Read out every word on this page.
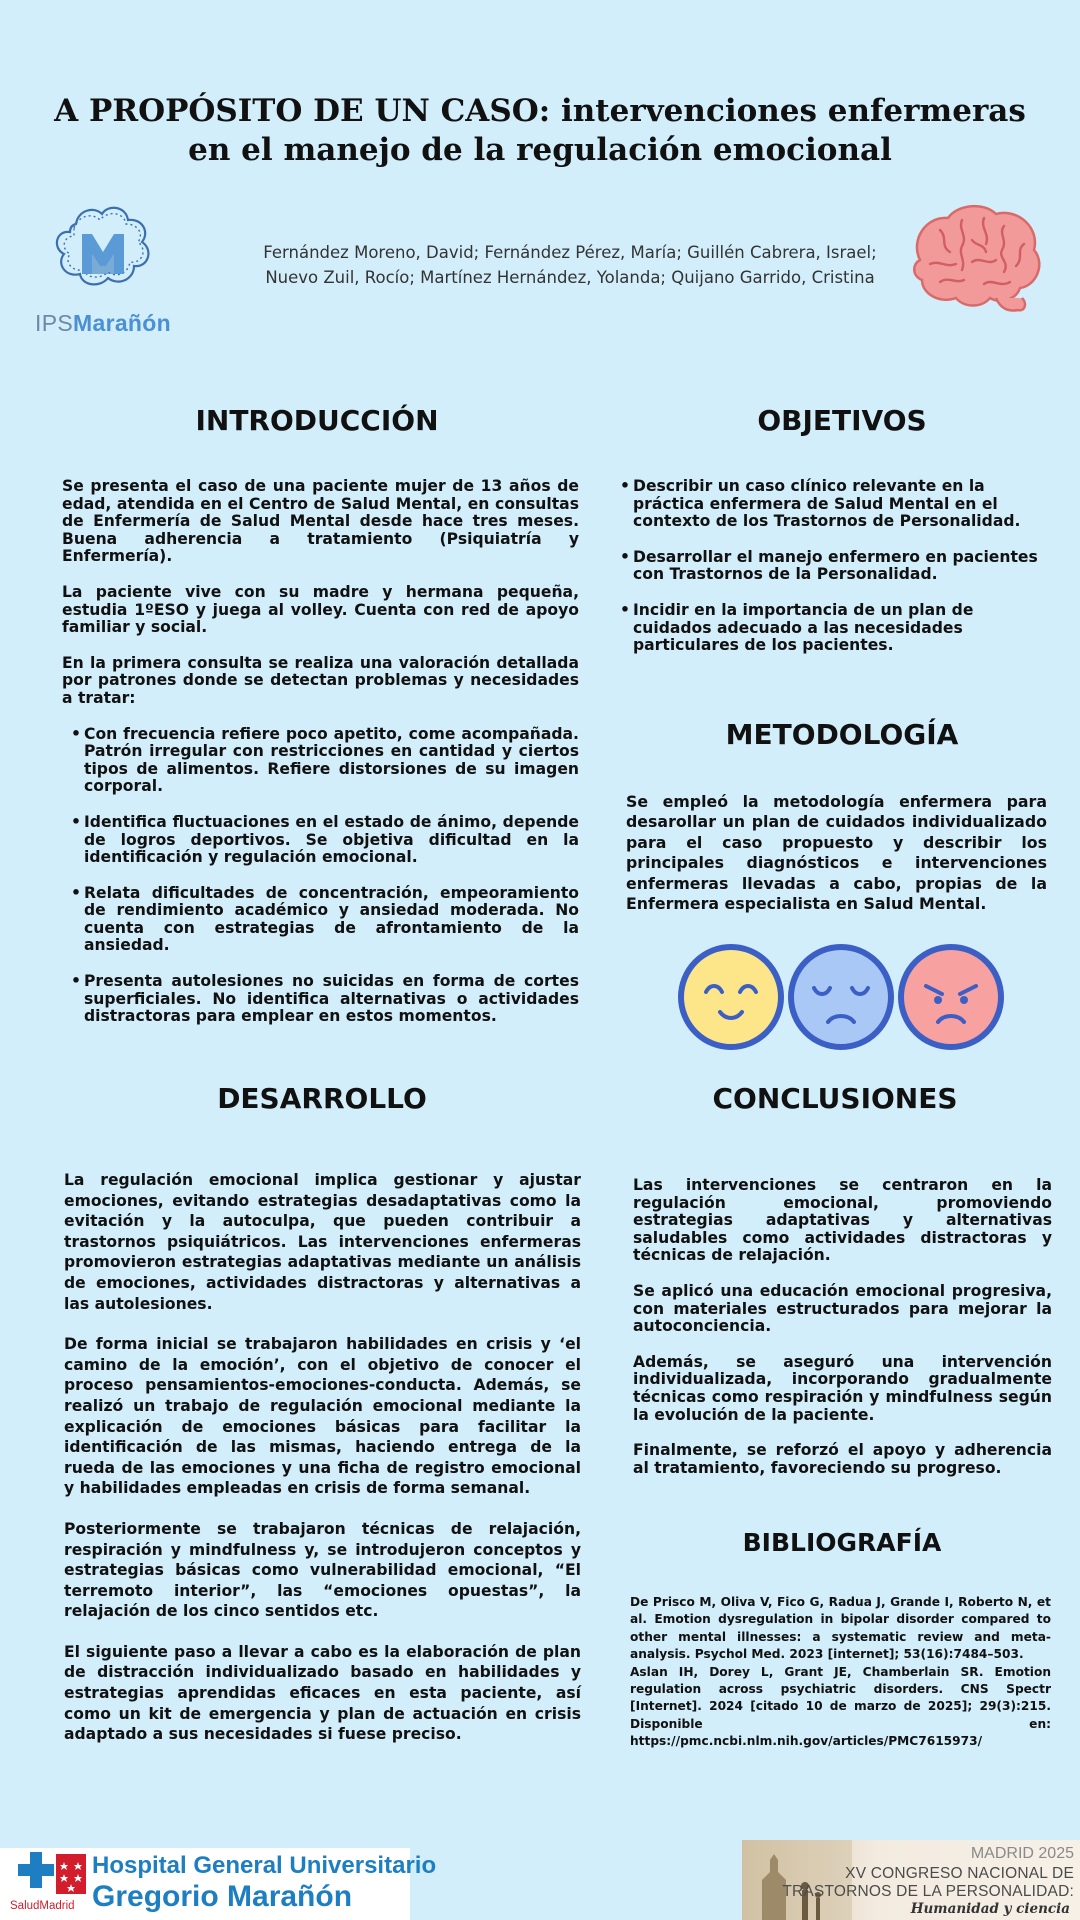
A PROPÓSITO DE UN CASO: intervenciones enfermeras en el manejo de la regulación emocional
IPSMarañón
Fernández Moreno, David; Fernández Pérez, María; Guillén Cabrera, Israel;
Nuevo Zuil, Rocío; Martínez Hernández, Yolanda; Quijano Garrido, Cristina
INTRODUCCIÓN

Se presenta el caso de una paciente mujer de 13 años de edad, atendida en el Centro de Salud Mental, en consultas de Enfermería de Salud Mental desde hace tres meses. Buena adherencia a tratamiento (Psiquiatría y Enfermería).

La paciente vive con su madre y hermana pequeña, estudia 1ºESO y juega al volley. Cuenta con red de apoyo familiar y social.

En la primera consulta se realiza una valoración detallada por patrones donde se detectan problemas y necesidades a tratar:

• Con frecuencia refiere poco apetito, come acompañada. Patrón irregular con restricciones en cantidad y ciertos tipos de alimentos. Refiere distorsiones de su imagen corporal.
• Identifica fluctuaciones en el estado de ánimo, depende de logros deportivos. Se objetiva dificultad en la identificación y regulación emocional.
• Relata dificultades de concentración, empeoramiento de rendimiento académico y ansiedad moderada. No cuenta con estrategias de afrontamiento de la ansiedad.
• Presenta autolesiones no suicidas en forma de cortes superficiales. No identifica alternativas o actividades distractoras para emplear en estos momentos.
OBJETIVOS
• Describir un caso clínico relevante en la práctica enfermera de Salud Mental en el contexto de los Trastornos de Personalidad.
• Desarrollar el manejo enfermero en pacientes con Trastornos de la Personalidad.
• Incidir en la importancia de un plan de cuidados adecuado a las necesidades particulares de los pacientes.
METODOLOGÍA

Se empleó la metodología enfermera para desarollar un plan de cuidados individualizado para el caso propuesto y describir los principales diagnósticos e intervenciones enfermeras llevadas a cabo, propias de la Enfermera especialista en Salud Mental.

DESARROLLO

La regulación emocional implica gestionar y ajustar emociones, evitando estrategias desadaptativas como la evitación y la autoculpa, que pueden contribuir a trastornos psiquiátricos. Las intervenciones enfermeras promovieron estrategias adaptativas mediante un análisis de emociones, actividades distractoras y alternativas a las autolesiones.

De forma inicial se trabajaron habilidades en crisis y ‘el camino de la emoción’, con el objetivo de conocer el proceso pensamientos-emociones-conducta. Además, se realizó un trabajo de regulación emocional mediante la explicación de emociones básicas para facilitar la identificación de las mismas, haciendo entrega de la rueda de las emociones y una ficha de registro emocional y habilidades empleadas en crisis de forma semanal.

Posteriormente se trabajaron técnicas de relajación, respiración y mindfulness y, se introdujeron conceptos y estrategias básicas como vulnerabilidad emocional, “El terremoto interior”, las “emociones opuestas”, la relajación de los cinco sentidos etc.

El siguiente paso a llevar a cabo es la elaboración de plan de distracción individualizado basado en habilidades y estrategias aprendidas eficaces en esta paciente, así como un kit de emergencia y plan de actuación en crisis adaptado a sus necesidades si fuese preciso.

CONCLUSIONES

Las intervenciones se centraron en la regulación emocional, promoviendo estrategias adaptativas y alternativas saludables como actividades distractoras y técnicas de relajación.

Se aplicó una educación emocional progresiva, con materiales estructurados para mejorar la autoconciencia.

Además, se aseguró una intervención individualizada, incorporando gradualmente técnicas como respiración y mindfulness según la evolución de la paciente.

Finalmente, se reforzó el apoyo y adherencia al tratamiento, favoreciendo su progreso.

BIBLIOGRAFÍA

De Prisco M, Oliva V, Fico G, Radua J, Grande I, Roberto N, et al. Emotion dysregulation in bipolar disorder compared to other mental illnesses: a systematic review and meta-analysis. Psychol Med. 2023 [internet]; 53(16):7484–503.

Aslan IH, Dorey L, Grant JE, Chamberlain SR. Emotion regulation across psychiatric disorders. CNS Spectr [Internet]. 2024 [citado 10 de marzo de 2025]; 29(3):215. Disponible en: https://pmc.ncbi.nlm.nih.gov/articles/PMC7615973/

SaludMadrid
Hospital General Universitario
Gregorio Marañón
MADRID 2025
XV CONGRESO NACIONAL DE
TRASTORNOS DE LA PERSONALIDAD:
Humanidad y ciencia
